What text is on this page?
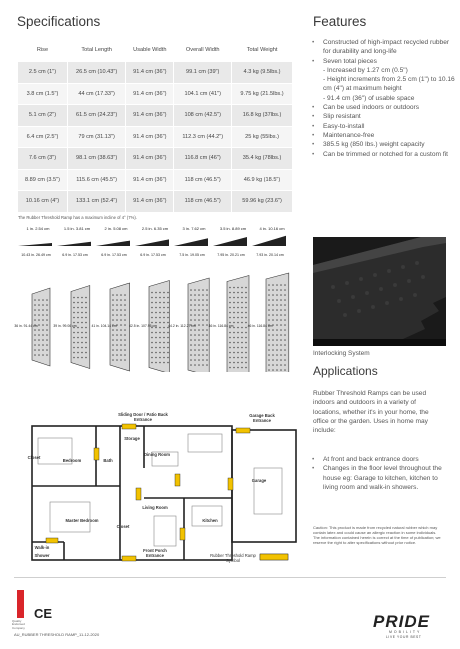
Specifications
Rise	Total Length	Usable Width	Overall Width	Total Weight
2.5 cm (1")	26.5 cm (10.43")	91.4 cm (36")	99.1 cm (39")	4.3 kg (9.5lbs.)
3.8 cm (1.5")	44 cm (17.33")	91.4 cm (36")	104.1 cm (41")	9.75 kg (21.5lbs.)
5.1 cm (2")	61.5 cm (24.23")	91.4 cm (36")	108 cm (42.5")	16.8 kg (37lbs.)
6.4 cm (2.5")	79 cm (31.13")	91.4 cm (36")	112.3 cm (44.2")	25 kg (55lbs.)
7.6 cm (3")	98.1 cm (38.63")	91.4 cm (36")	116.8 cm (46")	35.4 kg (78lbs.)
8.89 cm (3.5")	115.6 cm (45.5")	91.4 cm (36")	118 cm (46.5")	46.9 kg (18.5")
10.16 cm (4")	133.1 cm (52.4")	91.4 cm (36")	118 cm (46.5")	59.96 kg (23.6")
The Rubber Threshold Ramp has a maximum incline of 4° (7%).
1 in. 2.54 cm
10.43 in. 26.49 cm
36 in. 91.44 cm
1.5 in. 3.81 cm
6.9 in. 17.53 cm
39 in. 99.06 cm
2 in. 5.08 cm
6.9 in. 17.53 cm
41 in. 104.14 cm
2.5 in. 6.35 cm
6.9 in. 17.53 cm
42.5 in. 107.95 cm
3 in. 7.62 cm
7.5 in. 19.05 cm
44.2 in. 112.27 cm
3.5 in. 8.89 cm
7.95 in. 20.21 cm
46 in. 116.84 cm
4 in. 10.16 cm
7.93 in. 20.14 cm
46 in. 116.84 cm
Sliding Door / Patio Back Entrance
Garage Back Entrance
Bedroom	Bath
Storage
Closet
Dining Room
Garage
Master Bedroom
Living Room
Kitchen
Closet
Walk-in
Shower
Front Porch Entrance	Rubber Threshold Ramp Symbol
Features
• Constructed of high-impact recycled rubber for durability and long-life
• Seven total pieces
- Increased by 1.27 cm (0.5")
- Height increments from 2.5 cm (1") to 10.16 cm (4") at maximum height
- 91.4 cm (36") of usable space
• Can be used indoors or outdoors
• Slip resistant
• Easy-to-install
• Maintenance-free
• 385.5 kg (850 lbs.) weight capacity
• Can be trimmed or notched for a custom fit
Interlocking System
Applications

Rubber Threshold Ramps can be used indoors and outdoors in a variety of locations, whether it's in your home, the office or the garden. Uses in home may include:

• At front and back entrance doors
• Changes in the floor level throughout the house eg: Garage to kitchen, kitchen to living room and walk-in showers.

Caution: This product is made from recycled natural rubber which may contain latex and could cause an allergic reaction in some individuals.
The information contained herein is correct at the time of publication; we reserve the right to alter specifications without prior notice.

Quality Endorsed Company
CE
AU_RUBBER THRESHOLD RAMP_11-12-2020
PRIDE
MOBILITY
LIVE YOUR BEST
